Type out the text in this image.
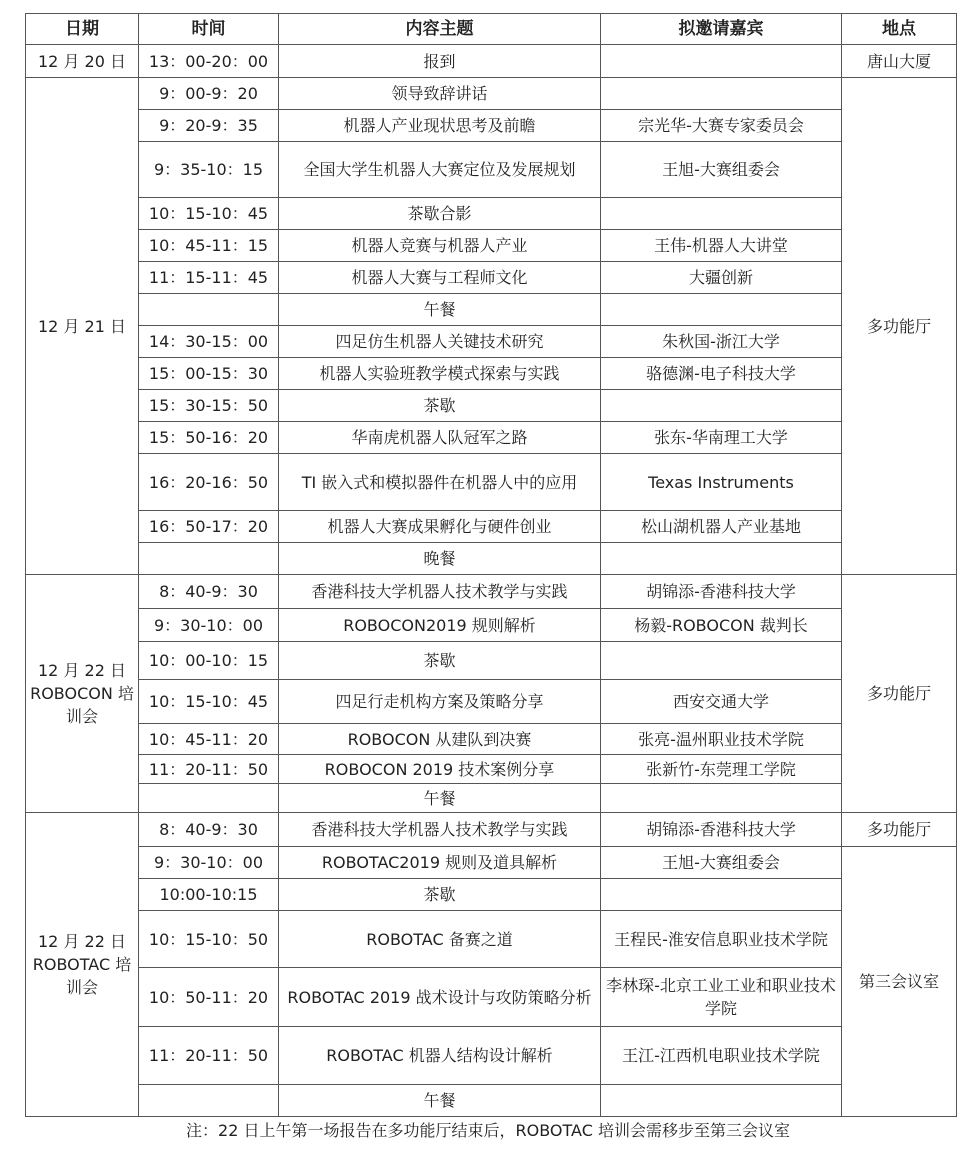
日期	时间	内容主题	拟邀请嘉宾	地点
12 月 20 日	13：00-20：00	报到		唐山大厦
12 月 21 日	9：00-9：20	领导致辞讲话		多功能厅
	9：20-9：35	机器人产业现状思考及前瞻	宗光华-大赛专家委员会	
	9：35-10：15	全国大学生机器人大赛定位及发展规划	王旭-大赛组委会	
	10：15-10：45	茶歇合影		
	10：45-11：15	机器人竞赛与机器人产业	王伟-机器人大讲堂	
	11：15-11：45	机器人大赛与工程师文化	大疆创新	
		午餐		
	14：30-15：00	四足仿生机器人关键技术研究	朱秋国-浙江大学	
	15：00-15：30	机器人实验班教学模式探索与实践	骆德渊-电子科技大学	
	15：30-15：50	茶歇		
	15：50-16：20	华南虎机器人队冠军之路	张东-华南理工大学	
	16：20-16：50	TI 嵌入式和模拟器件在机器人中的应用	Texas Instruments	
	16：50-17：20	机器人大赛成果孵化与硬件创业	松山湖机器人产业基地	
		晚餐		
12 月 22 日 ROBOCON 培训会	8：40-9：30	香港科技大学机器人技术教学与实践	胡锦添-香港科技大学	多功能厅
	9：30-10：00	ROBOCON2019 规则解析	杨毅-ROBOCON 裁判长	
	10：00-10：15	茶歇		
	10：15-10：45	四足行走机构方案及策略分享	西安交通大学	
	10：45-11：20	ROBOCON 从建队到决赛	张亮-温州职业技术学院	
	11：20-11：50	ROBOCON 2019 技术案例分享	张新竹-东莞理工学院	
		午餐		
12 月 22 日 ROBOTAC 培训会	8：40-9：30	香港科技大学机器人技术教学与实践	胡锦添-香港科技大学	多功能厅
	9：30-10：00	ROBOTAC2019 规则及道具解析	王旭-大赛组委会	第三会议室
	10:00-10:15	茶歇		
	10：15-10：50	ROBOTAC 备赛之道	王程民-淮安信息职业技术学院	
	10：50-11：20	ROBOTAC 2019 战术设计与攻防策略分析	李林琛-北京工业工业和职业技术学院	
	11：20-11：50	ROBOTAC 机器人结构设计解析	王江-江西机电职业技术学院	
		午餐		
注：22 日上午第一场报告在多功能厅结束后，ROBOTAC 培训会需移步至第三会议室
